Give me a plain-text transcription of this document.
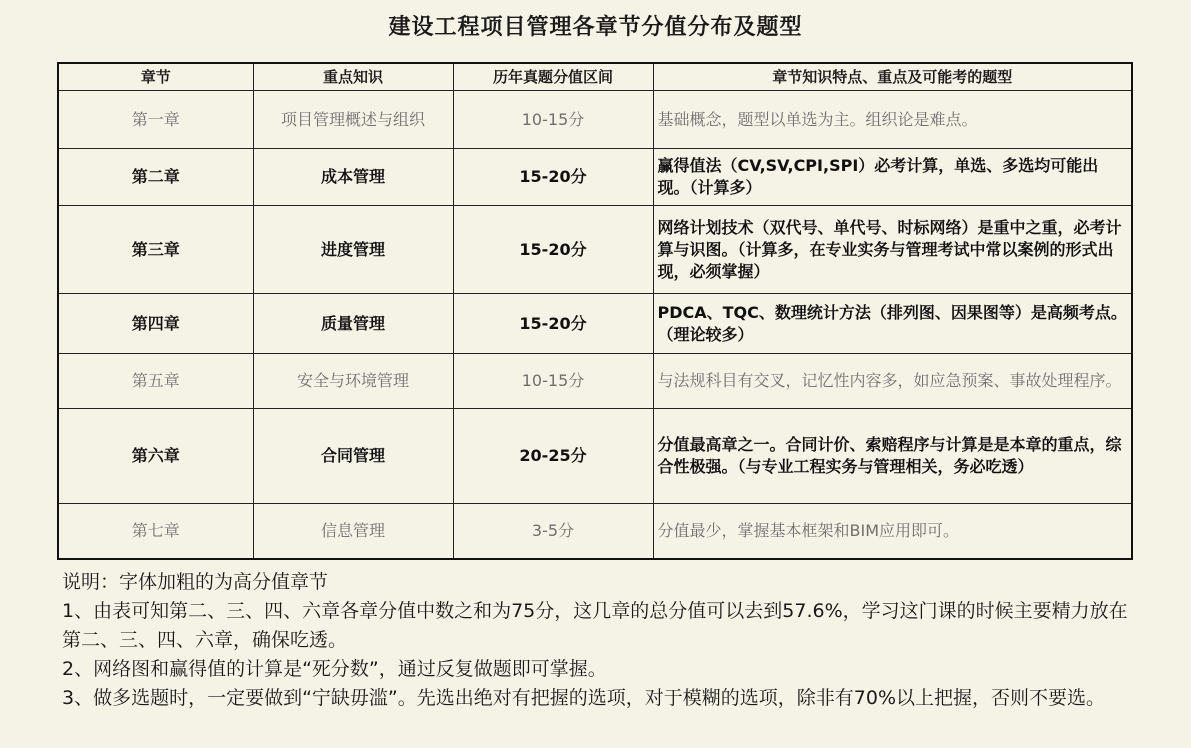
建设工程项目管理各章节分值分布及题型
章节	重点知识	历年真题分值区间	章节知识特点、重点及可能考的题型
第一章	项目管理概述与组织	10-15分	基础概念，题型以单选为主。组织论是难点。
第二章	成本管理	15-20分	赢得值法（CV,SV,CPI,SPI）必考计算，单选、多选均可能出现。（计算多）
第三章	进度管理	15-20分	网络计划技术（双代号、单代号、时标网络）是重中之重，必考计算与识图。（计算多，在专业实务与管理考试中常以案例的形式出现，必须掌握）
第四章	质量管理	15-20分	PDCA、TQC、数理统计方法（排列图、因果图等）是高频考点。（理论较多）
第五章	安全与环境管理	10-15分	与法规科目有交叉，记忆性内容多，如应急预案、事故处理程序。
第六章	合同管理	20-25分	分值最高章之一。合同计价、索赔程序与计算是是本章的重点，综合性极强。（与专业工程实务与管理相关，务必吃透）
第七章	信息管理	3-5分	分值最少，掌握基本框架和BIM应用即可。

说明：字体加粗的为高分值章节

1、由表可知第二、三、四、六章各章分值中数之和为75分，这几章的总分值可以去到57.6%，学习这门课的时候主要精力放在第二、三、四、六章，确保吃透。

2、网络图和赢得值的计算是“死分数”，通过反复做题即可掌握。

3、做多选题时，一定要做到“宁缺毋滥”。先选出绝对有把握的选项，对于模糊的选项，除非有70%以上把握，否则不要选。
